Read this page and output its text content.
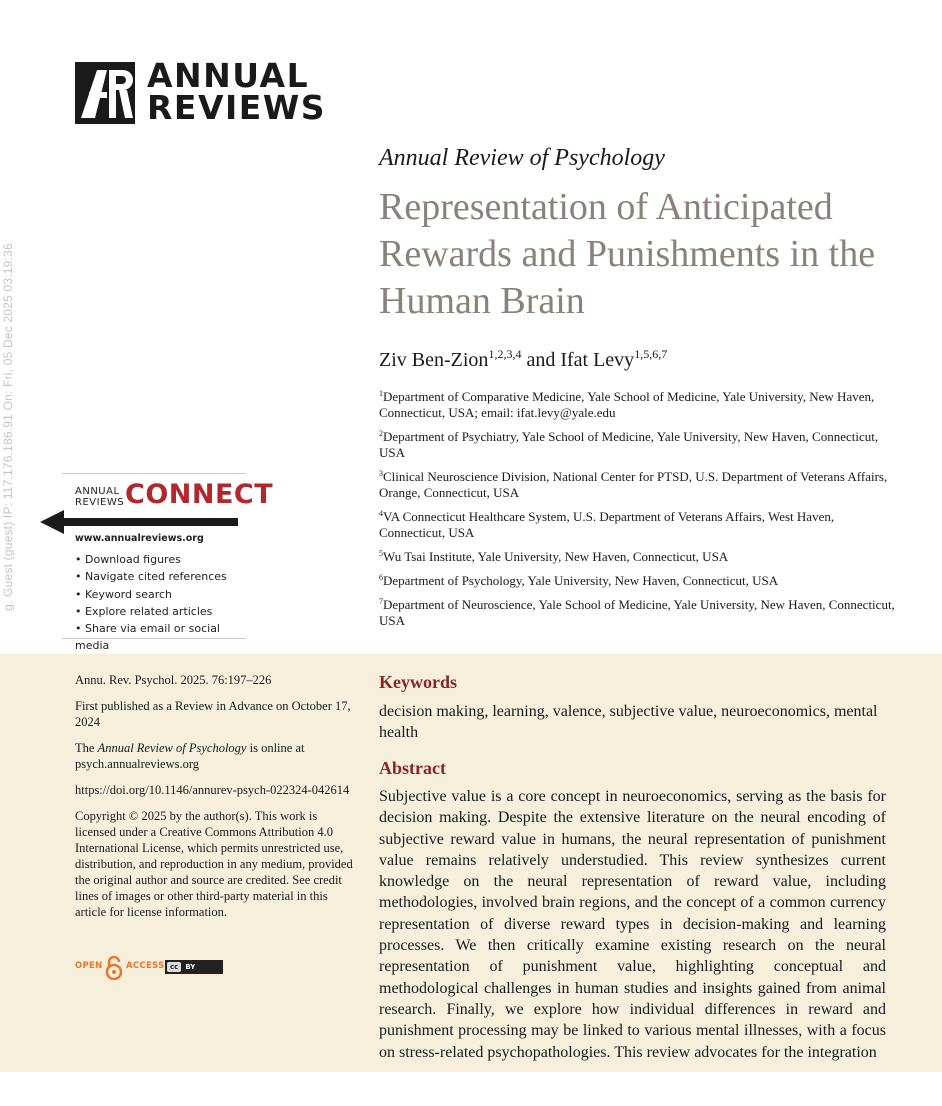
g. Guest (guest) IP: 117.176.186.91 On: Fri, 05 Dec 2025 03:19:36
ANNUAL
REVIEWS
Annual Review of Psychology
Representation of Anticipated Rewards and Punishments in the Human Brain
Ziv Ben-Zion$^{1,2,3,4}$ and Ifat Levy$^{1,5,6,7}$
$^1$Department of Comparative Medicine, Yale School of Medicine, Yale University, New Haven, Connecticut, USA; email: ifat.levy@yale.edu
$^2$Department of Psychiatry, Yale School of Medicine, Yale University, New Haven, Connecticut, USA
$^3$Clinical Neuroscience Division, National Center for PTSD, U.S. Department of Veterans Affairs, Orange, Connecticut, USA
$^4$VA Connecticut Healthcare System, U.S. Department of Veterans Affairs, West Haven, Connecticut, USA
$^5$Wu Tsai Institute, Yale University, New Haven, Connecticut, USA
$^6$Department of Psychology, Yale University, New Haven, Connecticut, USA
$^7$Department of Neuroscience, Yale School of Medicine, Yale University, New Haven, Connecticut, USA
ANNUAL
REVIEWS CONNECT
www.annualreviews.org
• Download figures
• Navigate cited references
• Keyword search
• Explore related articles
• Share via email or social media

Annu. Rev. Psychol. 2025. 76:197–226

First published as a Review in Advance on October 17, 2024

The Annual Review of Psychology is online at psych.annualreviews.org

https://doi.org/10.1146/annurev-psych-022324-042614

Copyright © 2025 by the author(s). This work is licensed under a Creative Commons Attribution 4.0 International License, which permits unrestricted use, distribution, and reproduction in any medium, provided the original author and source are credited. See credit lines of images or other third-party material in this article for license information.

OPEN	ACCESS cc BY
Keywords
decision making, learning, valence, subjective value, neuroeconomics, mental health
Abstract
Subjective value is a core concept in neuroeconomics, serving as the basis for decision making. Despite the extensive literature on the neural encoding of subjective reward value in humans, the neural representation of punishment value remains relatively understudied. This review synthesizes current knowledge on the neural representation of reward value, including methodologies, involved brain regions, and the concept of a common currency representation of diverse reward types in decision-making and learning processes. We then critically examine existing research on the neural representation of punishment value, highlighting conceptual and methodological challenges in human studies and insights gained from animal research. Finally, we explore how individual differences in reward and punishment processing may be linked to various mental illnesses, with a focus on stress-related psychopathologies. This review advocates for the integration
